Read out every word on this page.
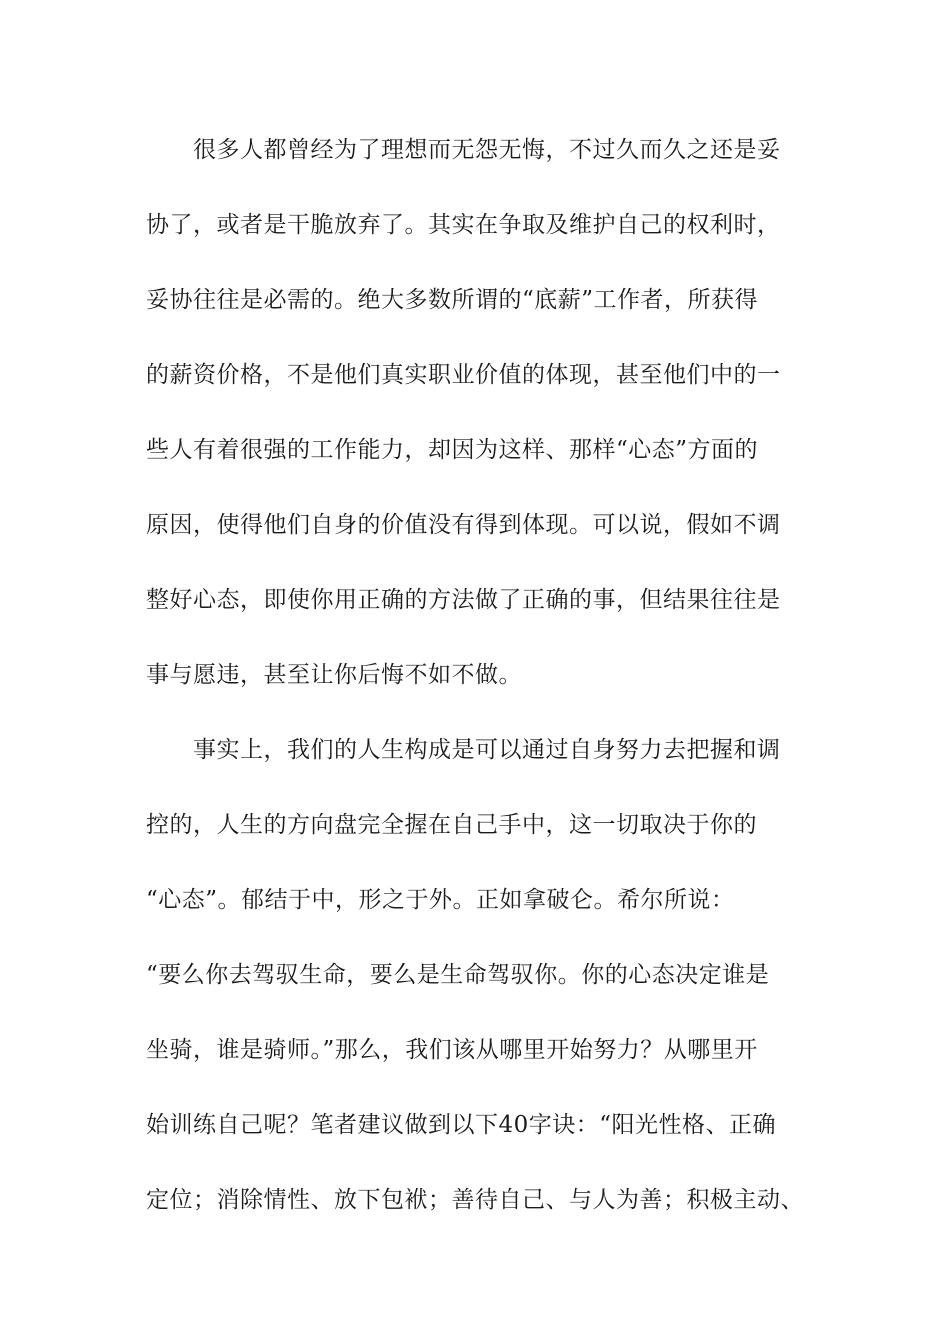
很多人都曾经为了理想而无怨无悔，不过久而久之还是妥
协了，或者是干脆放弃了。其实在争取及维护自己的权利时，
妥协往往是必需的。绝大多数所谓的“底薪”工作者，所获得
的薪资价格，不是他们真实职业价值的体现，甚至他们中的一
些人有着很强的工作能力，却因为这样、那样“心态”方面的
原因，使得他们自身的价值没有得到体现。可以说，假如不调
整好心态，即使你用正确的方法做了正确的事，但结果往往是
事与愿违，甚至让你后悔不如不做。
事实上，我们的人生构成是可以通过自身努力去把握和调
控的，人生的方向盘完全握在自己手中，这一切取决于你的
“心态”。郁结于中，形之于外。正如拿破仑。希尔所说：
“要么你去驾驭生命，要么是生命驾驭你。你的心态决定谁是
坐骑，谁是骑师。”那么，我们该从哪里开始努力？从哪里开
始训练自己呢？笔者建议做到以下40字诀：“阳光性格、正确
定位；消除情性、放下包袱；善待自己、与人为善；积极主动、
